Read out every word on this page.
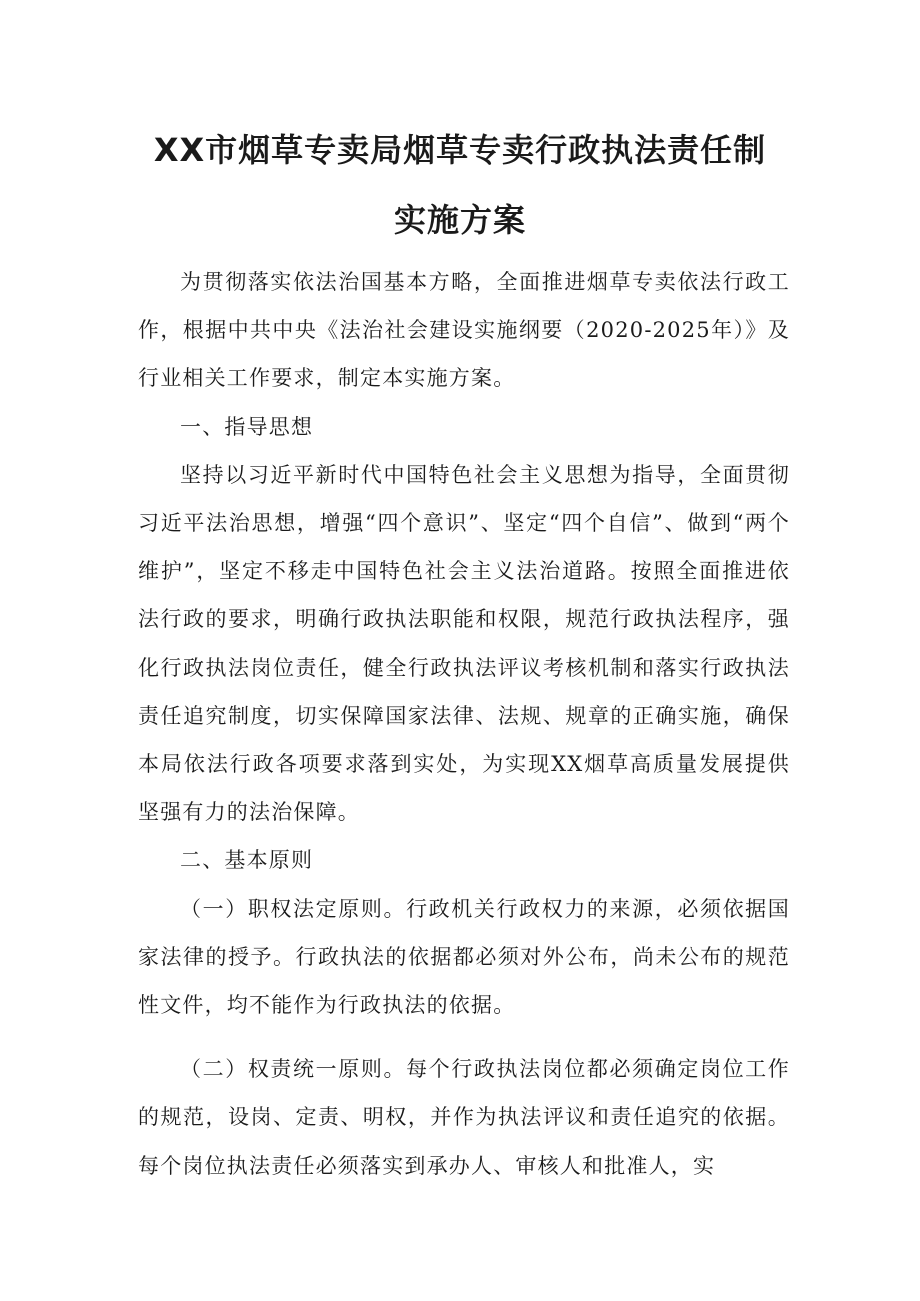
XX市烟草专卖局烟草专卖行政执法责任制
实施方案

为贯彻落实依法治国基本方略，全面推进烟草专卖依法行政工作，根据中共中央《法治社会建设实施纲要（2020-2025年）》及行业相关工作要求，制定本实施方案。

一、指导思想

坚持以习近平新时代中国特色社会主义思想为指导，全面贯彻习近平法治思想，增强“四个意识”、坚定“四个自信”、做到“两个维护”，坚定不移走中国特色社会主义法治道路。按照全面推进依法行政的要求，明确行政执法职能和权限，规范行政执法程序，强化行政执法岗位责任，健全行政执法评议考核机制和落实行政执法责任追究制度，切实保障国家法律、法规、规章的正确实施，确保本局依法行政各项要求落到实处，为实现XX烟草高质量发展提供坚强有力的法治保障。

二、基本原则

（一）职权法定原则。行政机关行政权力的来源，必须依据国家法律的授予。行政执法的依据都必须对外公布，尚未公布的规范性文件，均不能作为行政执法的依据。

（二）权责统一原则。每个行政执法岗位都必须确定岗位工作的规范，设岗、定责、明权，并作为执法评议和责任追究的依据。每个岗位执法责任必须落实到承办人、审核人和批准人，实
